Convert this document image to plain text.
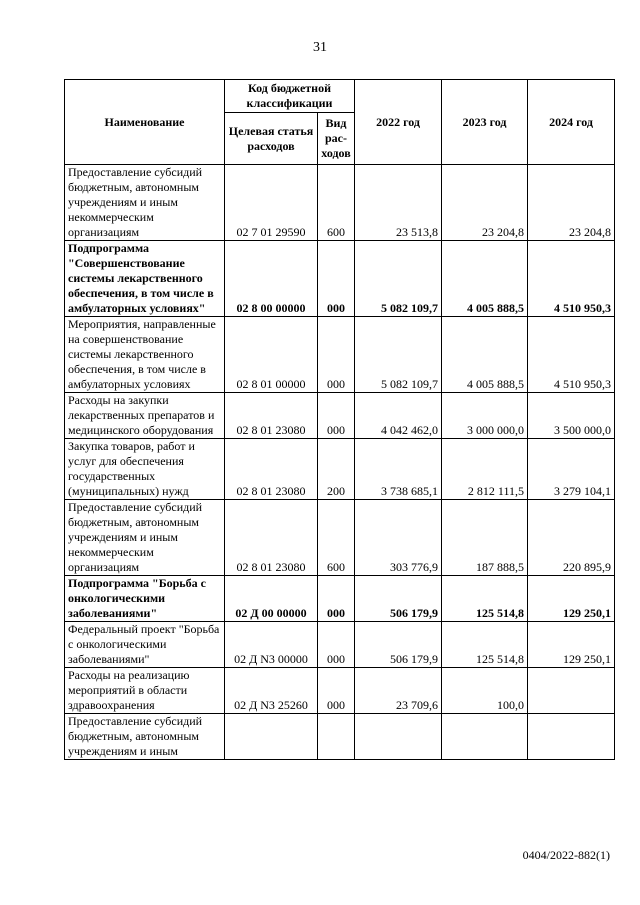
31
Наименование	Код бюджетной классификации		2022 год	2023 год	2024 год
	Целевая статья расходов	Вид рас-ходов			
Предоставление субсидий бюджетным, автономным учреждениям и иным некоммерческим организациям	02 7 01 29590	600	23 513,8	23 204,8	23 204,8
Подпрограмма "Совершенствование системы лекарственного обеспечения, в том числе в амбулаторных условиях"	02 8 00 00000	000	5 082 109,7	4 005 888,5	4 510 950,3
Мероприятия, направленные на совершенствование системы лекарственного обеспечения, в том числе в амбулаторных условиях	02 8 01 00000	000	5 082 109,7	4 005 888,5	4 510 950,3
Расходы на закупки лекарственных препаратов и медицинского оборудования	02 8 01 23080	000	4 042 462,0	3 000 000,0	3 500 000,0
Закупка товаров, работ и услуг для обеспечения государственных (муниципальных) нужд	02 8 01 23080	200	3 738 685,1	2 812 111,5	3 279 104,1
Предоставление субсидий бюджетным, автономным учреждениям и иным некоммерческим организациям	02 8 01 23080	600	303 776,9	187 888,5	220 895,9
Подпрограмма "Борьба с онкологическими заболеваниями"	02 Д 00 00000	000	506 179,9	125 514,8	129 250,1
Федеральный проект "Борьба с онкологическими заболеваниями"	02 Д N3 00000	000	506 179,9	125 514,8	129 250,1
Расходы на реализацию мероприятий в области здравоохранения	02 Д N3 25260	000	23 709,6	100,0	
Предоставление субсидий бюджетным, автономным учреждениям и иным					
0404/2022-882(1)
